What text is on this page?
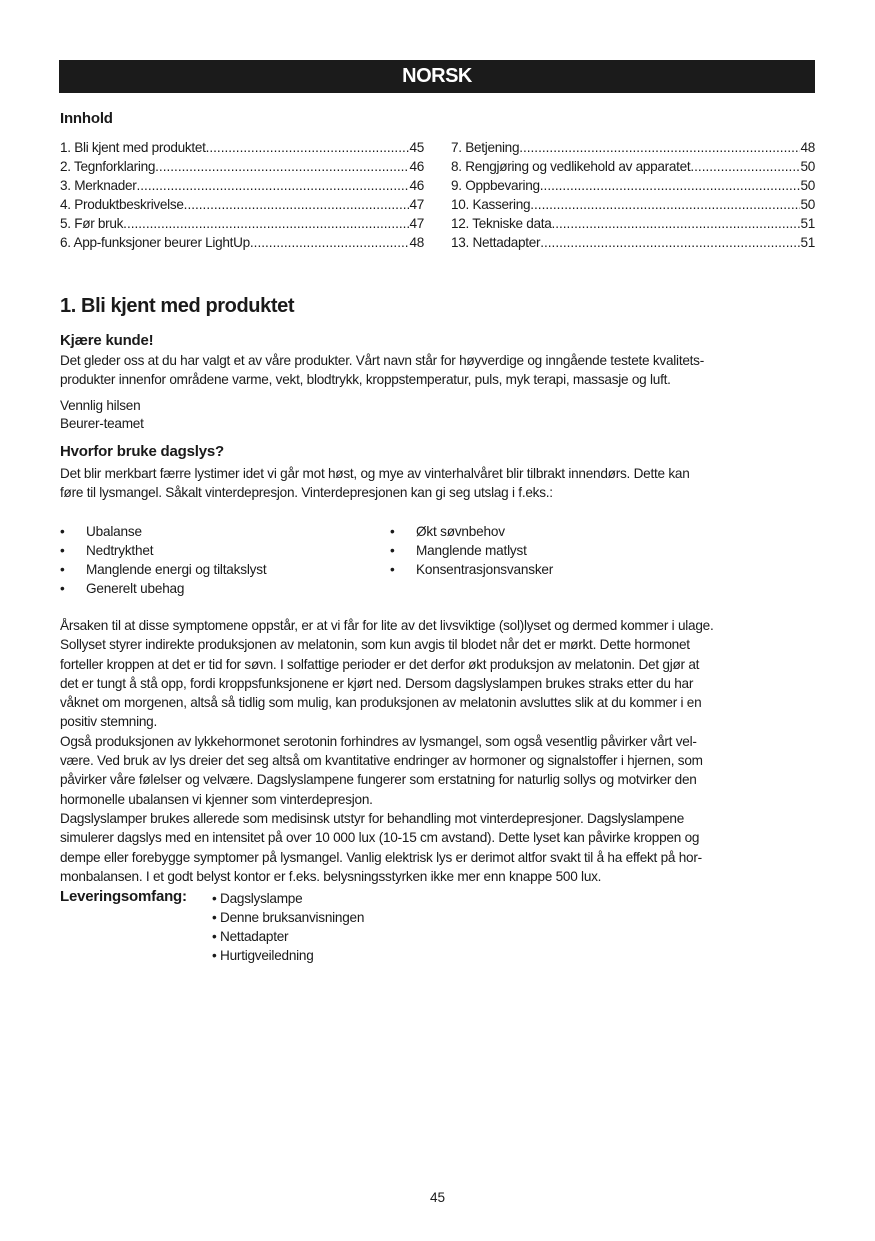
NORSK
Innhold
1. Bli kjent med produktet .....	45
2. Tegnforklaring .....	46
3. Merknader .....	46
4. Produktbeskrivelse .....	47
5. Før bruk .....	47
6. App-funksjoner beurer LightUp .....	48
7. Betjening .....	48
8. Rengjøring og vedlikehold av apparatet .....	50
9. Oppbevaring .....	50
10. Kassering .....	50
12. Tekniske data .....	51
13. Nettadapter .....	51
1. Bli kjent med produktet
Kjære kunde!
Det gleder oss at du har valgt et av våre produkter. Vårt navn står for høyverdige og inngående testete kvalitets-
produkter innenfor områdene varme, vekt, blodtrykk, kroppstemperatur, puls, myk terapi, massasje og luft.
Vennlig hilsen
Beurer-teamet
Hvorfor bruke dagslys?
Det blir merkbart færre lystimer idet vi går mot høst, og mye av vinterhalvåret blir tilbrakt innendørs. Dette kan
føre til lysmangel. Såkalt vinterdepresjon. Vinterdepresjonen kan gi seg utslag i f.eks.:
•	Ubalanse
•	Nedtrykthet
•	Manglende energi og tiltakslyst
•	Generelt ubehag
•	Økt søvnbehov
•	Manglende matlyst
•	Konsentrasjonsvansker
Årsaken til at disse symptomene oppstår, er at vi får for lite av det livsviktige (sol)lyset og dermed kommer i ulage.
Sollyset styrer indirekte produksjonen av melatonin, som kun avgis til blodet når det er mørkt. Dette hormonet
forteller kroppen at det er tid for søvn. I solfattige perioder er det derfor økt produksjon av melatonin. Det gjør at
det er tungt å stå opp, fordi kroppsfunksjonene er kjørt ned. Dersom dagslyslampen brukes straks etter du har
våknet om morgenen, altså så tidlig som mulig, kan produksjonen av melatonin avsluttes slik at du kommer i en
positiv stemning.
Også produksjonen av lykkehormonet serotonin forhindres av lysmangel, som også vesentlig påvirker vårt vel-
være. Ved bruk av lys dreier det seg altså om kvantitative endringer av hormoner og signalstoffer i hjernen, som
påvirker våre følelser og velvære. Dagslyslampene fungerer som erstatning for naturlig sollys og motvirker den
hormonelle ubalansen vi kjenner som vinterdepresjon.
Dagslyslamper brukes allerede som medisinsk utstyr for behandling mot vinterdepresjoner. Dagslyslampene
simulerer dagslys med en intensitet på over 10 000 lux (10-15 cm avstand). Dette lyset kan påvirke kroppen og
dempe eller forebygge symptomer på lysmangel. Vanlig elektrisk lys er derimot altfor svakt til å ha effekt på hor-
monbalansen. I et godt belyst kontor er f.eks. belysningsstyrken ikke mer enn knappe 500 lux.
Leveringsomfang: • Dagslyslampe
• Denne bruksanvisningen
• Nettadapter
• Hurtigveiledning
45
